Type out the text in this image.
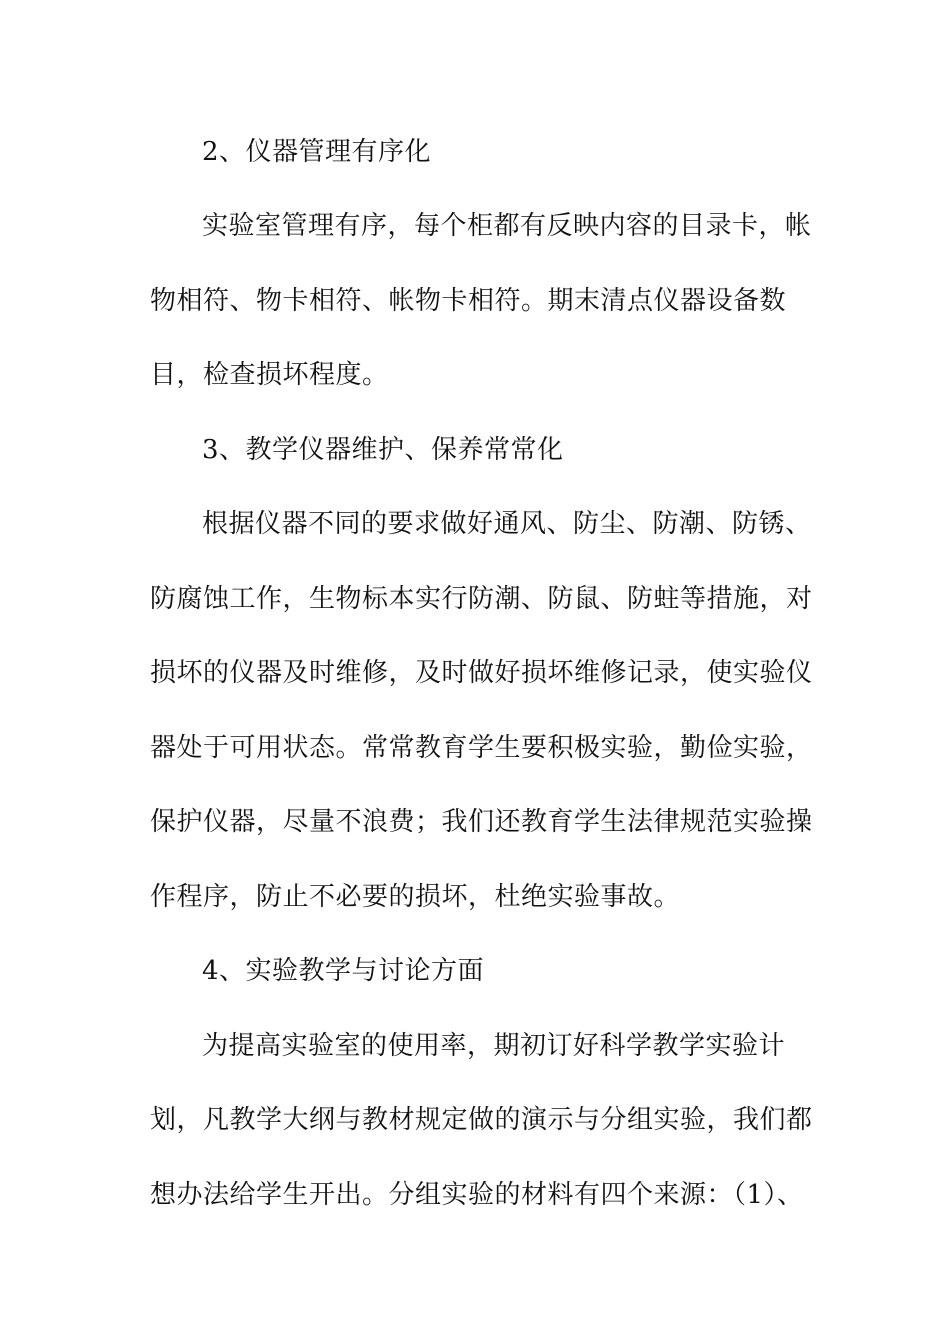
2、仪器管理有序化
实验室管理有序，每个柜都有反映内容的目录卡，帐
物相符、物卡相符、帐物卡相符。期末清点仪器设备数
目，检查损坏程度。
3、教学仪器维护、保养常常化
根据仪器不同的要求做好通风、防尘、防潮、防锈、
防腐蚀工作，生物标本实行防潮、防鼠、防蛀等措施，对
损坏的仪器及时维修，及时做好损坏维修记录，使实验仪
器处于可用状态。常常教育学生要积极实验，勤俭实验，
保护仪器，尽量不浪费；我们还教育学生法律规范实验操
作程序，防止不必要的损坏，杜绝实验事故。
4、实验教学与讨论方面
为提高实验室的使用率，期初订好科学教学实验计
划，凡教学大纲与教材规定做的演示与分组实验，我们都
想办法给学生开出。分组实验的材料有四个来源：（1）、
